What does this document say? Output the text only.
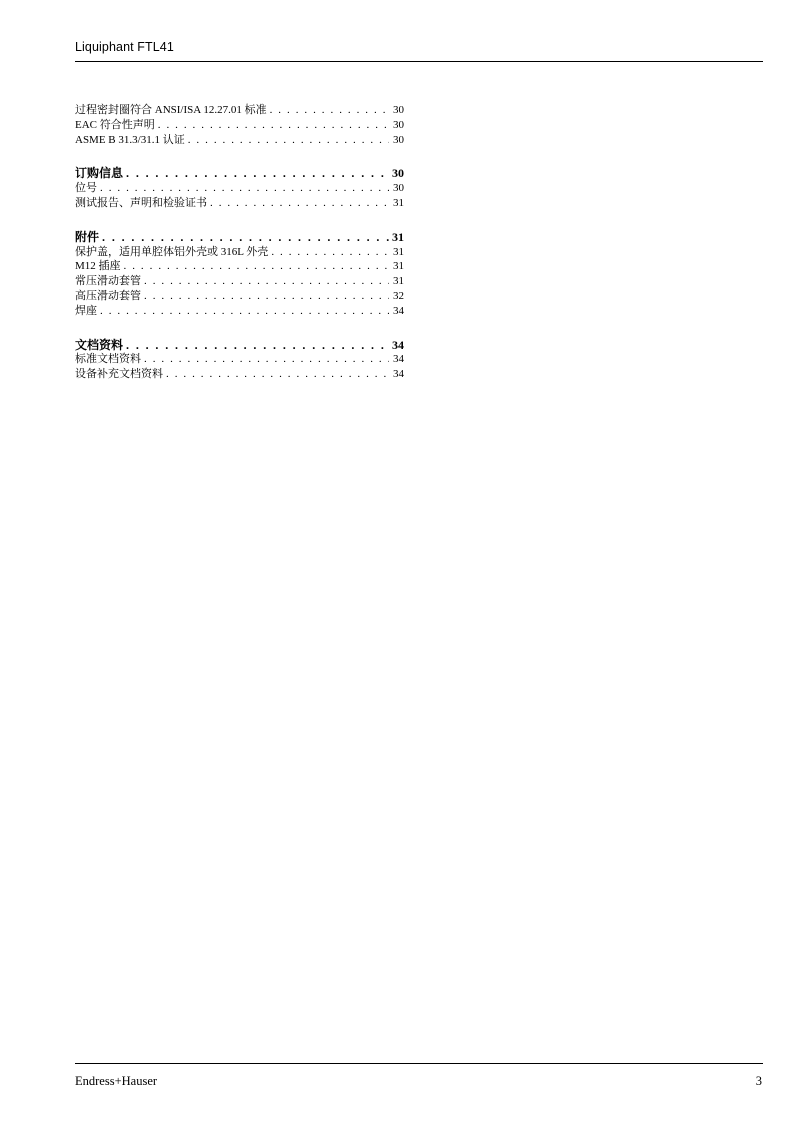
Liquiphant FTL41
过程密封圈符合 ANSI/ISA 12.27.01 标准 . . .	30
EAC 符合性声明 . . .	30
ASME B 31.3/31.1 认证 . . .	30
订购信息 . . .	30
位号 . . .	30
测试报告、声明和检验证书 . . .	31
附件 . . .	31
保护盖，适用单腔体铝外壳或 316L 外壳 . . .	31
M12 插座 . . .	31
常压滑动套管 . . .	31
高压滑动套管 . . .	32
焊座 . . .	34
文档资料 . . .	34
标准文档资料 . . .	34
设备补充文档资料 . . .	34
Endress+Hauser	3
